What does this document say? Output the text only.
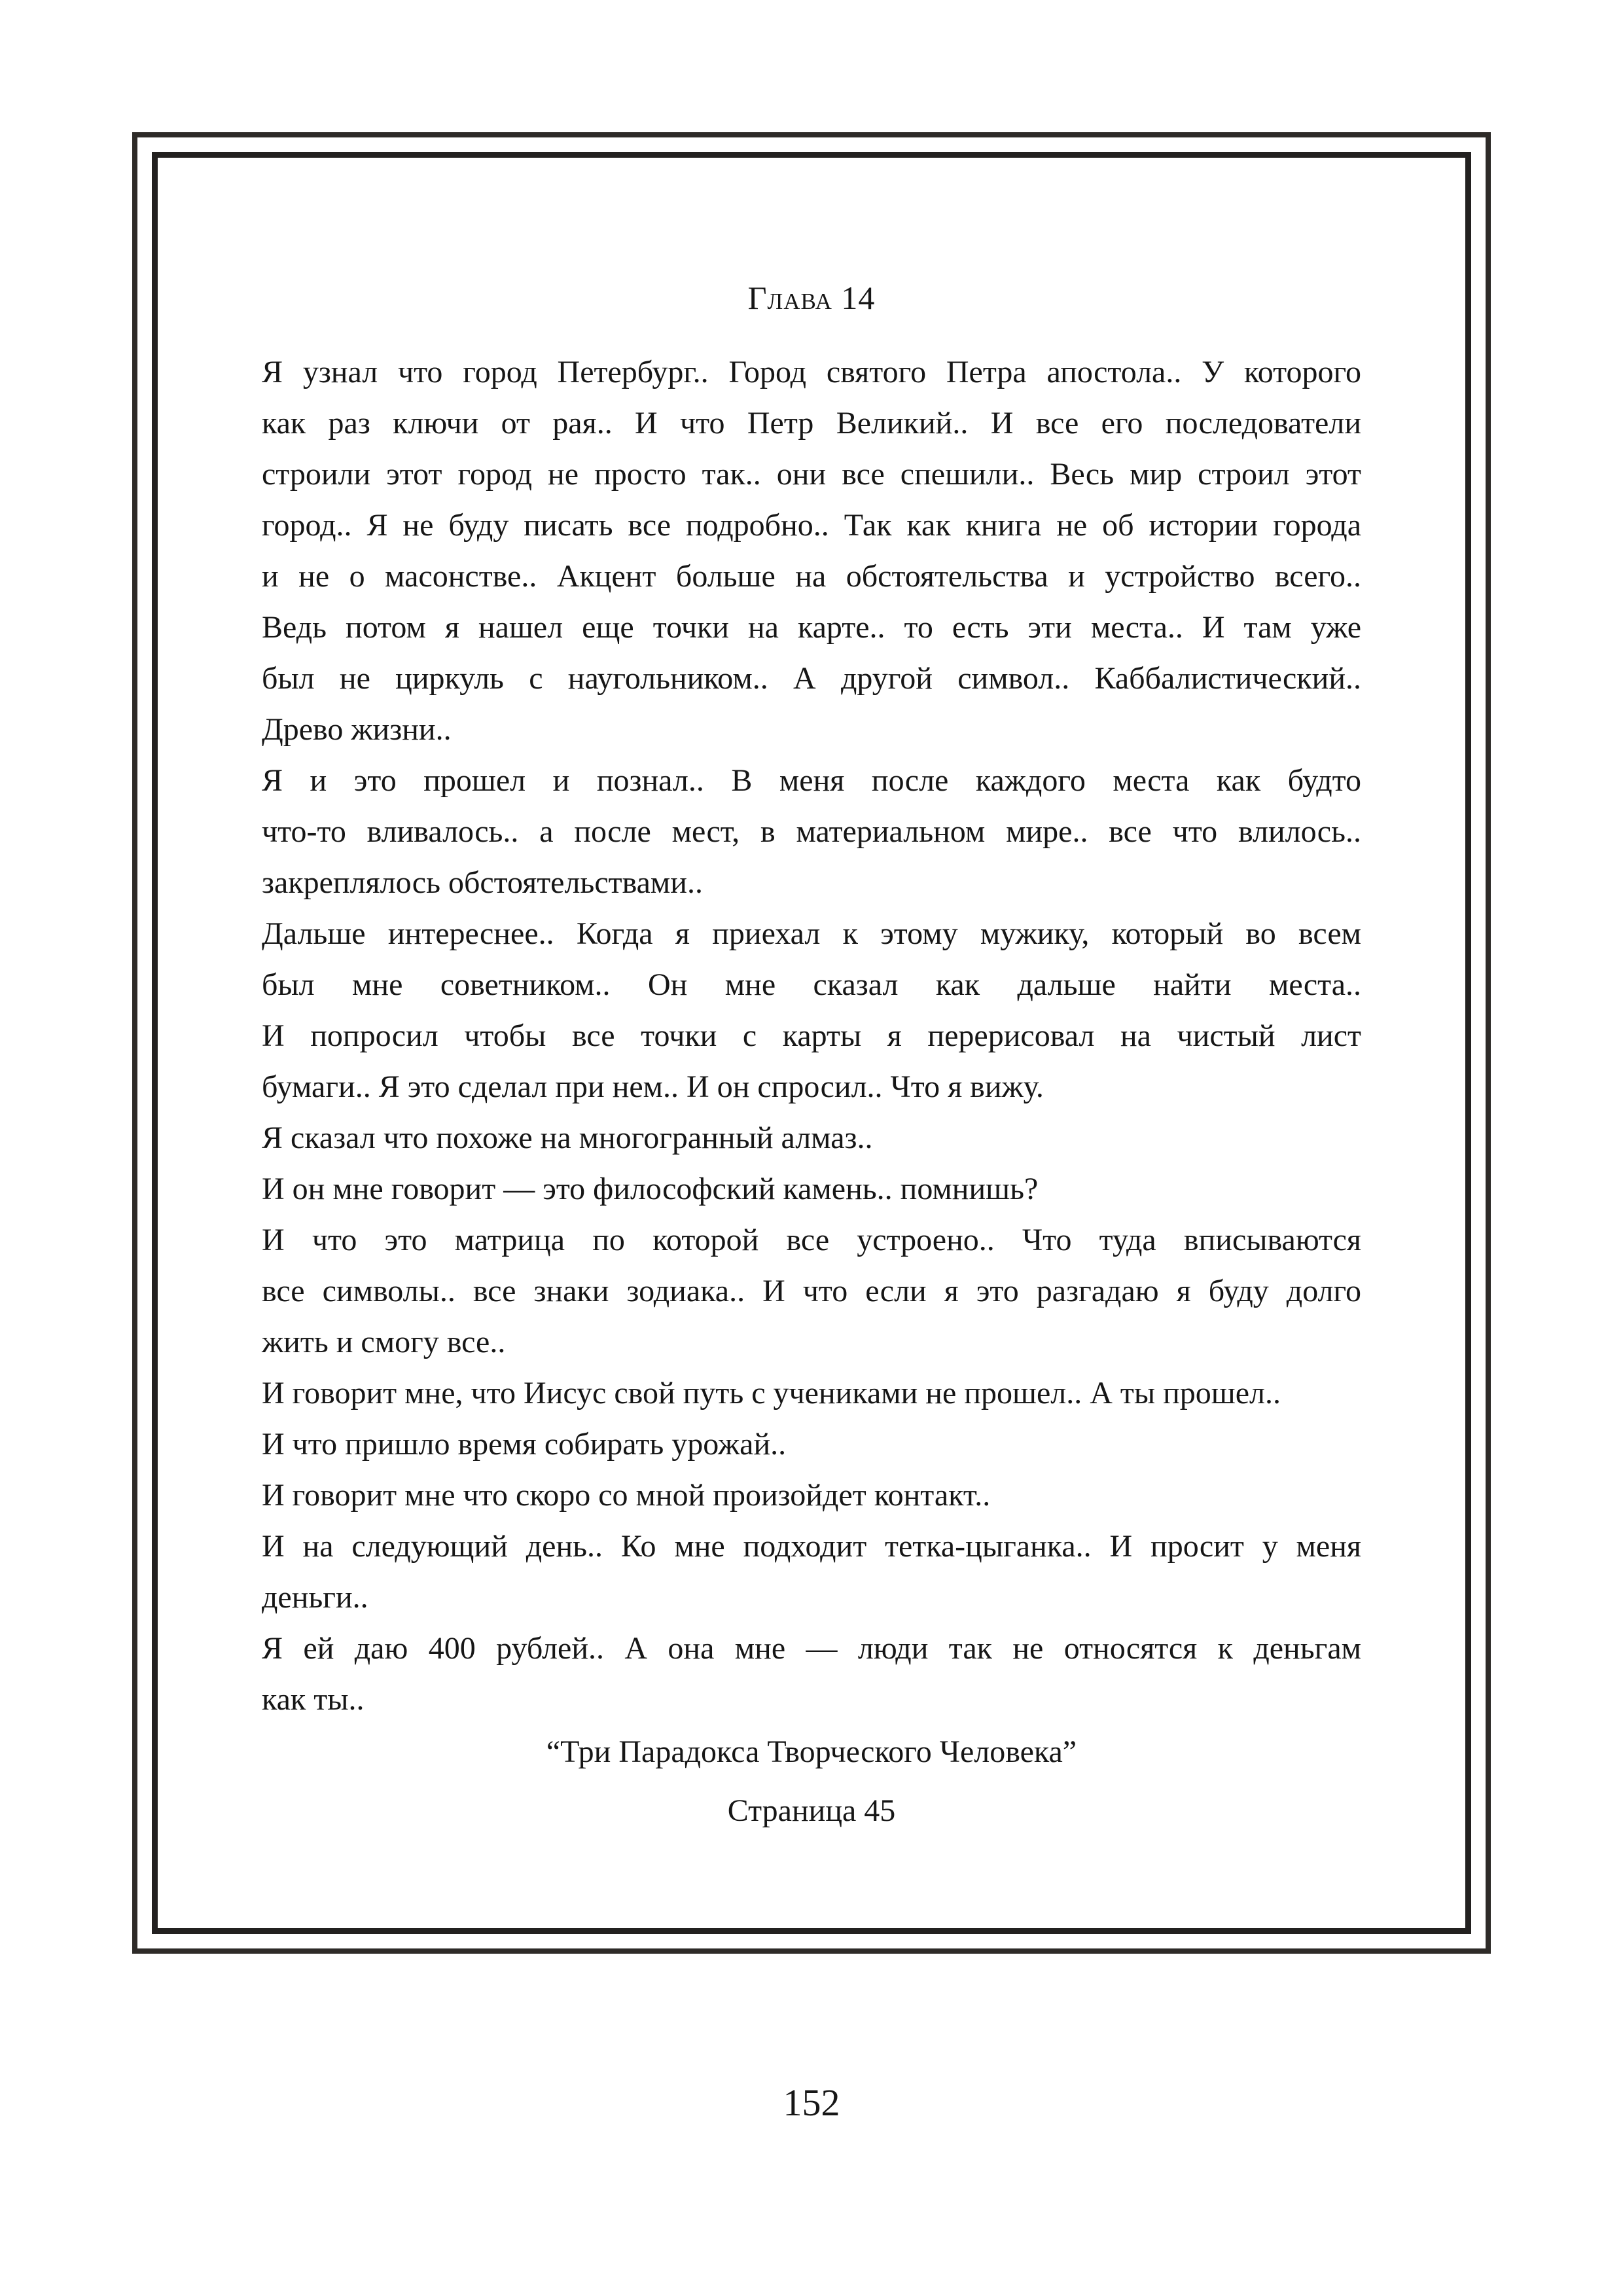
Глава 14
Я узнал что город Петербург.. Город святого Петра апостола.. У которого
как раз ключи от рая.. И что Петр Великий.. И все его последователи
строили этот город не просто так.. они все спешили.. Весь мир строил этот
город.. Я не буду писать все подробно.. Так как книга не об истории города
и не о масонстве.. Акцент больше на обстоятельства и устройство всего..
Ведь потом я нашел еще точки на карте.. то есть эти места.. И там уже
был не циркуль с наугольником.. А другой символ.. Каббалистический..
Древо жизни..
Я и это прошел и познал.. В меня после каждого места как будто
что-то вливалось.. а после мест, в материальном мире.. все что влилось..
закреплялось обстоятельствами..
Дальше интереснее.. Когда я приехал к этому мужику, который во всем
был мне советником.. Он мне сказал как дальше найти места..
И попросил чтобы все точки с карты я перерисовал на чистый лист
бумаги.. Я это сделал при нем.. И он спросил.. Что я вижу.
Я сказал что похоже на многогранный алмаз..
И он мне говорит — это философский камень.. помнишь?
И что это матрица по которой все устроено.. Что туда вписываются
все символы.. все знаки зодиака.. И что если я это разгадаю я буду долго
жить и смогу все..
И говорит мне, что Иисус свой путь с учениками не прошел.. А ты прошел..
И что пришло время собирать урожай..
И говорит мне что скоро со мной произойдет контакт..
И на следующий день.. Ко мне подходит тетка-цыганка.. И просит у меня
деньги..
Я ей даю 400 рублей.. А она мне — люди так не относятся к деньгам
как ты..
“Три Парадокса Творческого Человека”
Страница 45
152
